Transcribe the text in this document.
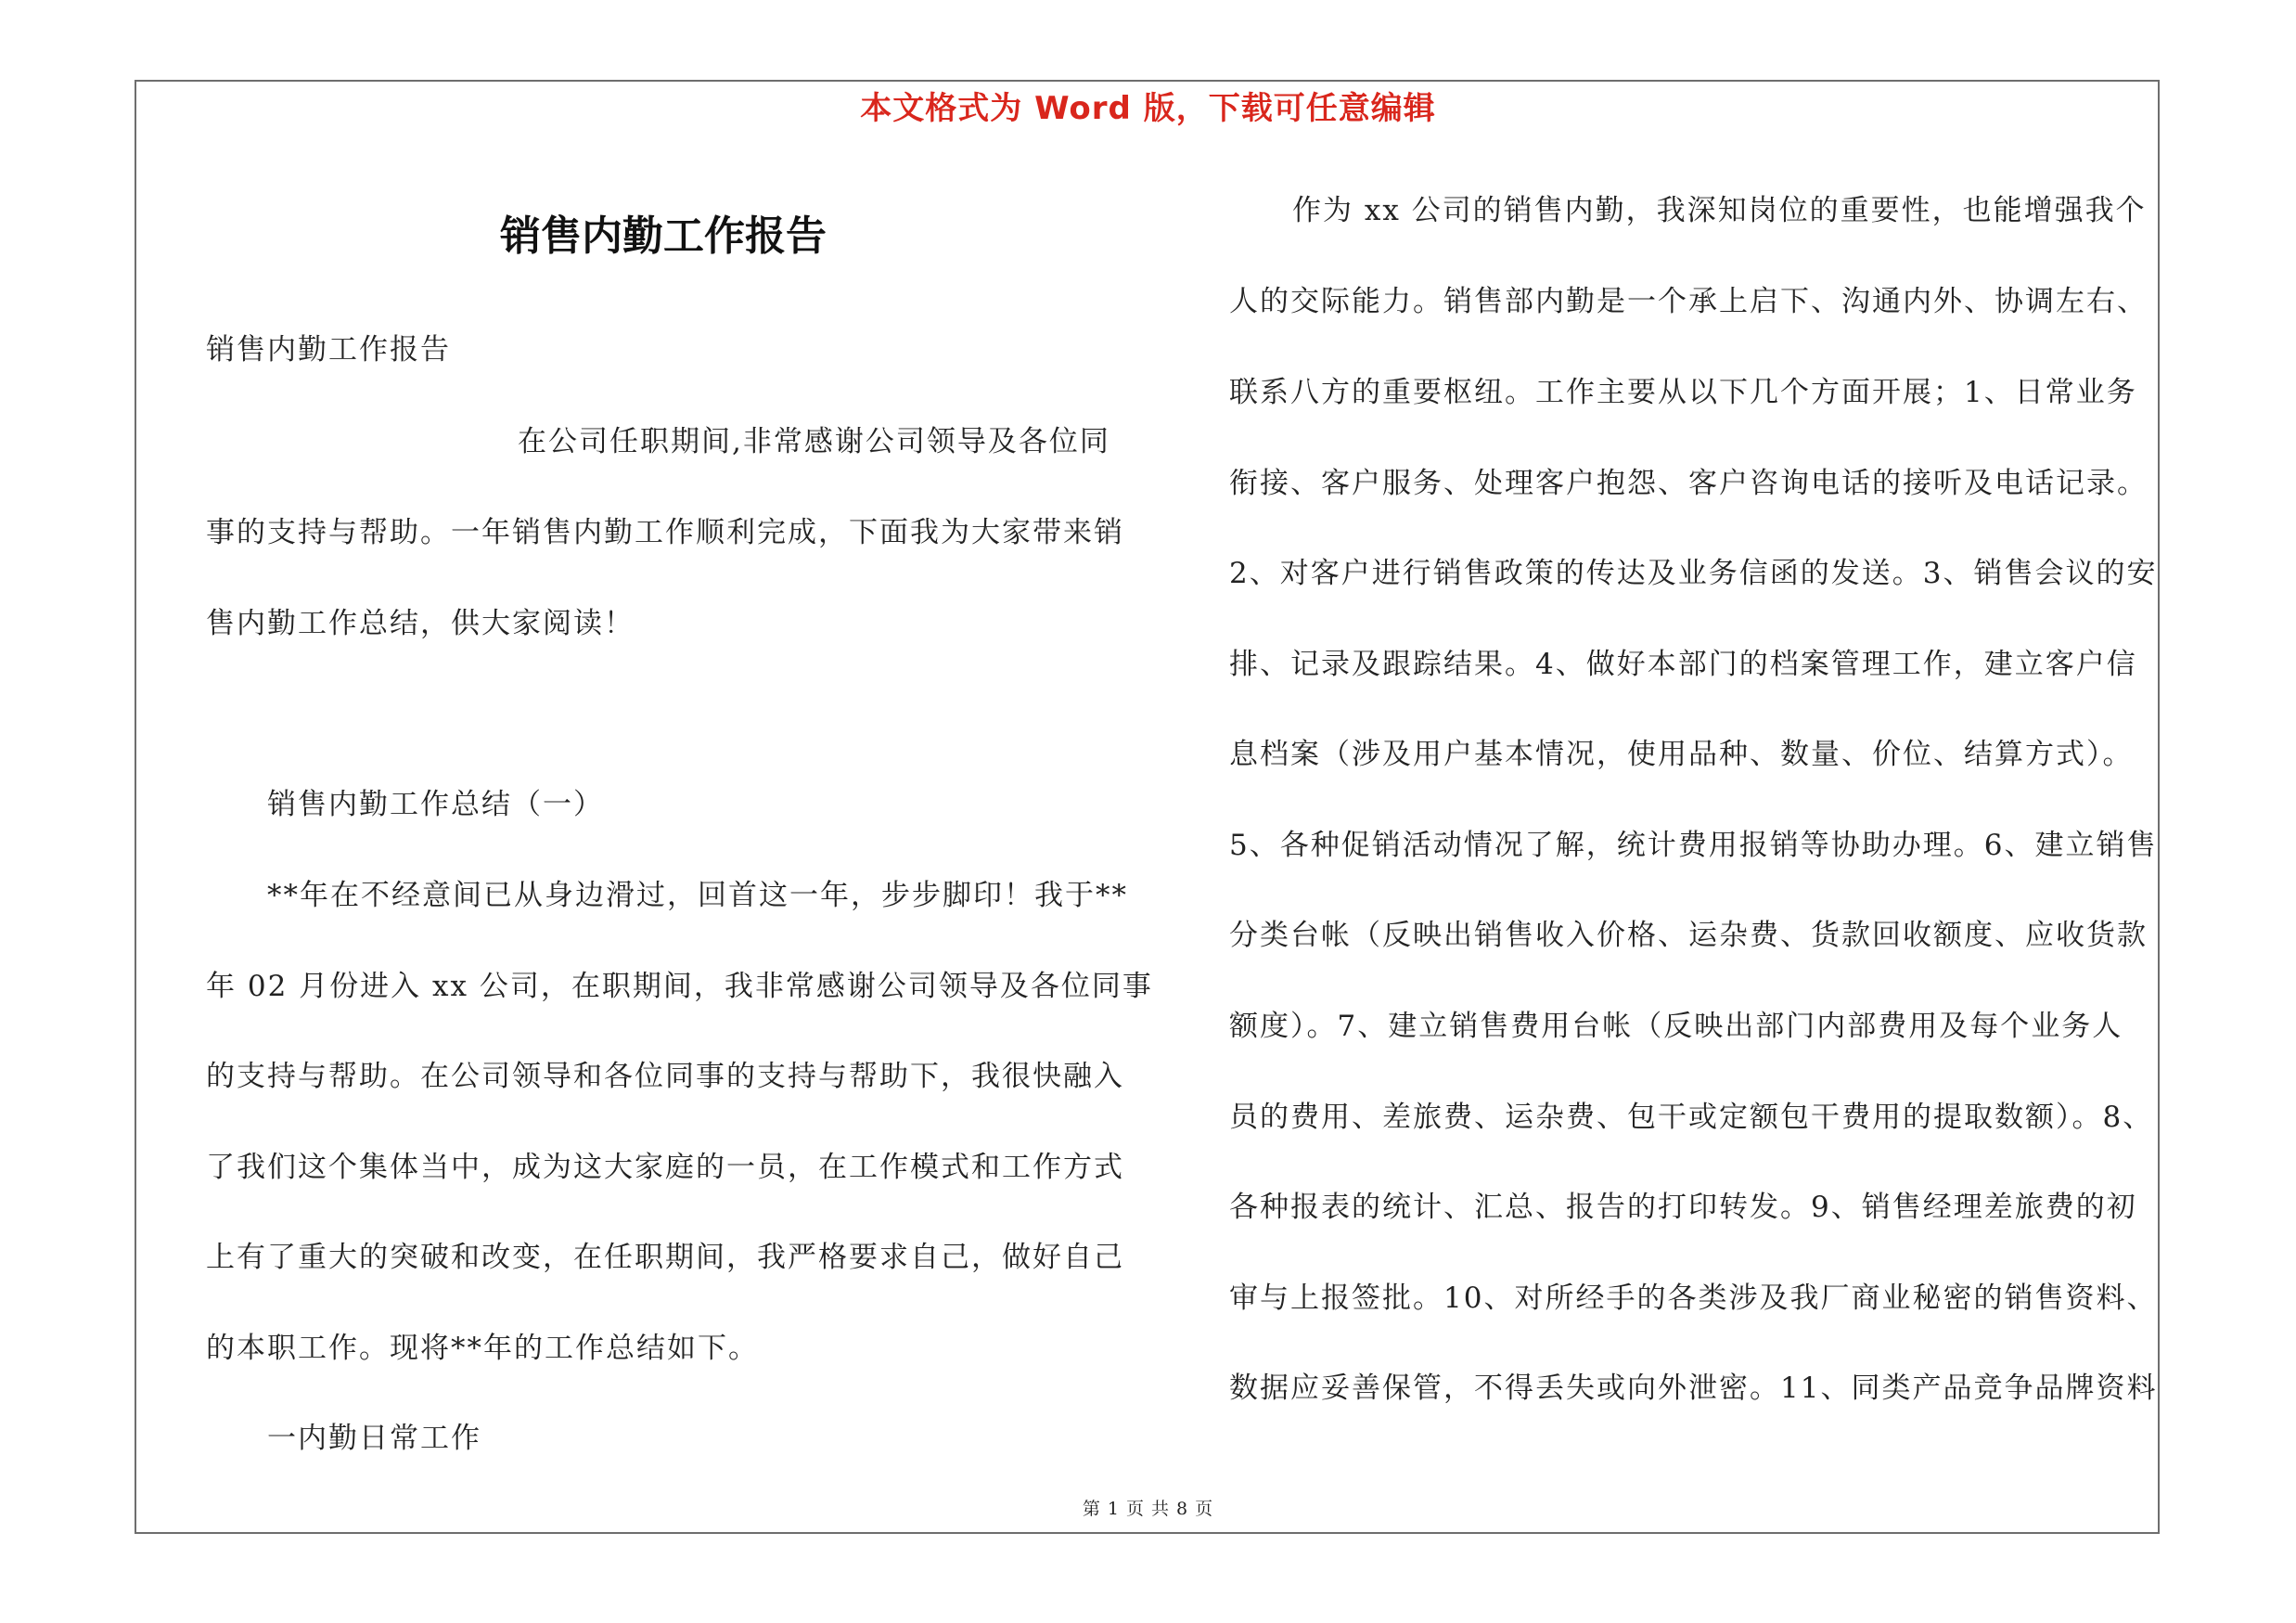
本文格式为 Word 版，下载可任意编辑
销售内勤工作报告
销售内勤工作报告
在公司任职期间,非常感谢公司领导及各位同
事的支持与帮助。一年销售内勤工作顺利完成，下面我为大家带来销
售内勤工作总结，供大家阅读！
销售内勤工作总结（一）
**年在不经意间已从身边滑过，回首这一年，步步脚印！我于**
年 02 月份进入 xx 公司，在职期间，我非常感谢公司领导及各位同事
的支持与帮助。在公司领导和各位同事的支持与帮助下，我很快融入
了我们这个集体当中，成为这大家庭的一员，在工作模式和工作方式
上有了重大的突破和改变，在任职期间，我严格要求自己，做好自己
的本职工作。现将**年的工作总结如下。
一内勤日常工作
作为 xx 公司的销售内勤，我深知岗位的重要性，也能增强我个
人的交际能力。销售部内勤是一个承上启下、沟通内外、协调左右、
联系八方的重要枢纽。工作主要从以下几个方面开展；1、日常业务
衔接、客户服务、处理客户抱怨、客户咨询电话的接听及电话记录。
2、对客户进行销售政策的传达及业务信函的发送。3、销售会议的安
排、记录及跟踪结果。4、做好本部门的档案管理工作，建立客户信
息档案（涉及用户基本情况，使用品种、数量、价位、结算方式）。
5、各种促销活动情况了解，统计费用报销等协助办理。6、建立销售
分类台帐（反映出销售收入价格、运杂费、货款回收额度、应收货款
额度）。7、建立销售费用台帐（反映出部门内部费用及每个业务人
员的费用、差旅费、运杂费、包干或定额包干费用的提取数额）。8、
各种报表的统计、汇总、报告的打印转发。9、销售经理差旅费的初
审与上报签批。10、对所经手的各类涉及我厂商业秘密的销售资料、
数据应妥善保管，不得丢失或向外泄密。11、同类产品竞争品牌资料
第 1 页 共 8 页
